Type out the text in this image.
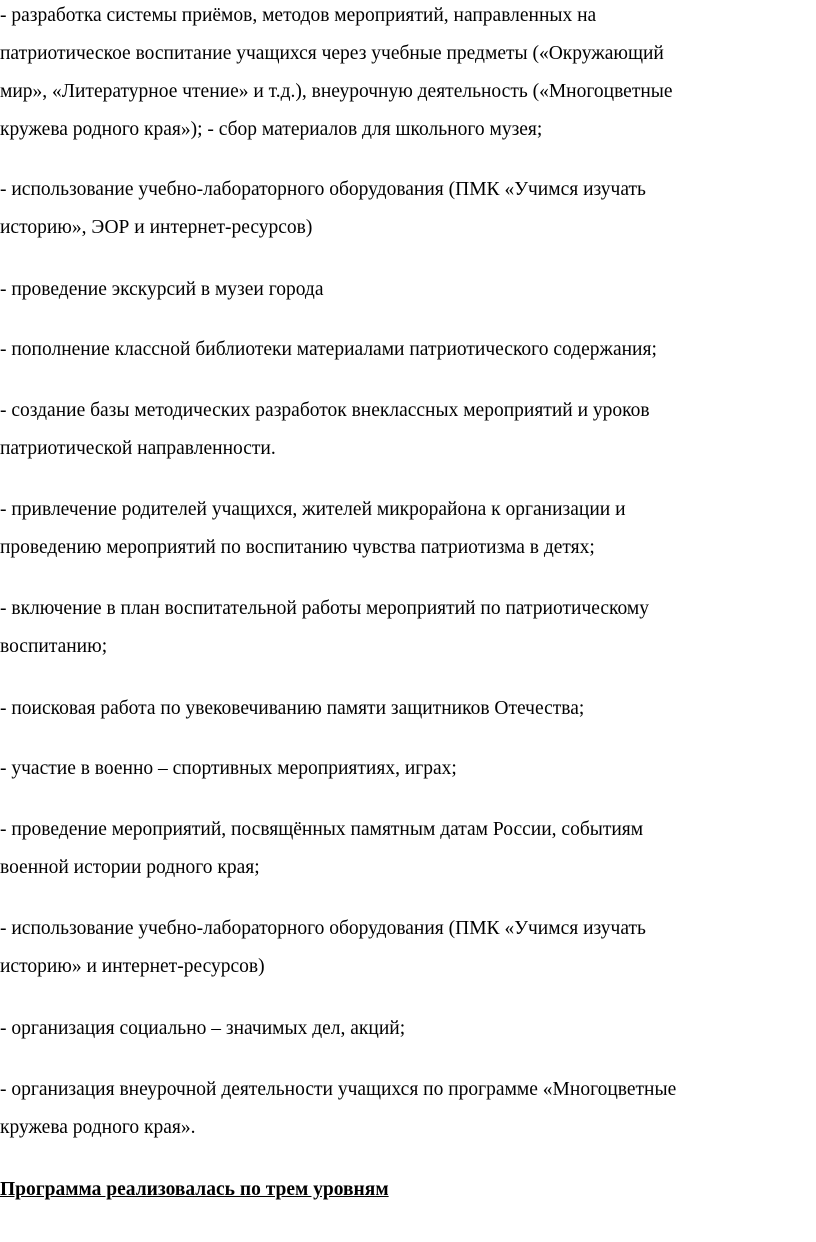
- разработка системы приёмов, методов мероприятий, направленных на
патриотическое воспитание учащихся через учебные предметы («Окружающий
мир», «Литературное чтение» и т.д.), внеурочную деятельность («Многоцветные
кружева родного края»); - сбор материалов для школьного музея;
- использование учебно-лабораторного оборудования (ПМК «Учимся изучать
историю», ЭОР и интернет-ресурсов)
- проведение экскурсий в музеи города
- пополнение классной библиотеки материалами патриотического содержания;
- создание базы методических разработок внеклассных мероприятий и уроков
патриотической направленности.
- привлечение родителей учащихся, жителей микрорайона к организации и
проведению мероприятий по воспитанию чувства патриотизма в детях;
- включение в план воспитательной работы мероприятий по патриотическому
воспитанию;
- поисковая работа по увековечиванию памяти защитников Отечества;
- участие в военно – спортивных мероприятиях, играх;
- проведение мероприятий, посвящённых памятным датам России, событиям
военной истории родного края;
- использование учебно-лабораторного оборудования (ПМК «Учимся изучать
историю» и интернет-ресурсов)
- организация социально – значимых дел, акций;
- организация внеурочной деятельности учащихся по программе «Многоцветные
кружева родного края».
Программа реализовалась по трем уровням
